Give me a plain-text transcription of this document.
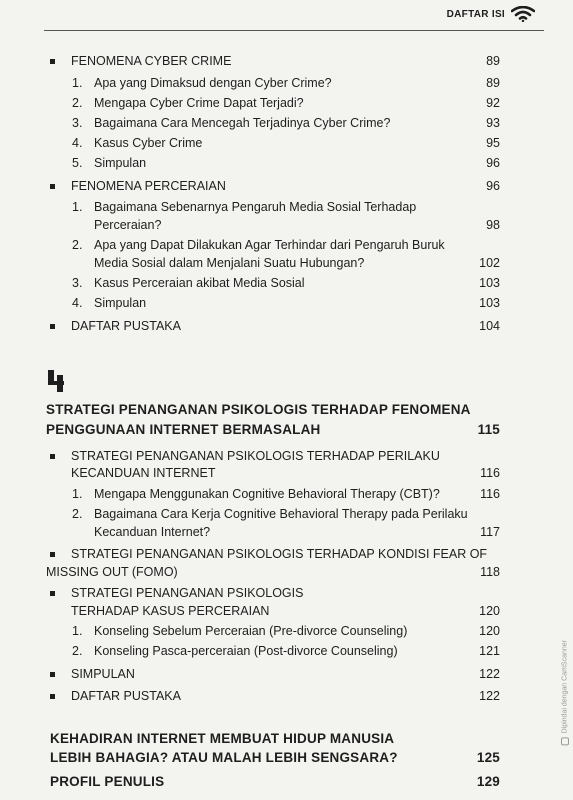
DAFTAR ISI
FENOMENA CYBER CRIME	89
1. Apa yang Dimaksud dengan Cyber Crime?	89
2. Mengapa Cyber Crime Dapat Terjadi?	92
3. Bagaimana Cara Mencegah Terjadinya Cyber Crime?	93
4. Kasus Cyber Crime	95
5. Simpulan	96
FENOMENA PERCERAIAN	96
1. Bagaimana Sebenarnya Pengaruh Media Sosial Terhadap
Perceraian?	98
2. Apa yang Dapat Dilakukan Agar Terhindar dari Pengaruh Buruk
Media Sosial dalam Menjalani Suatu Hubungan?	102
3. Kasus Perceraian akibat Media Sosial	103
4. Simpulan	103
DAFTAR PUSTAKA	104
STRATEGI PENANGANAN PSIKOLOGIS TERHADAP FENOMENA
PENGGUNAAN INTERNET BERMASALAH	115
STRATEGI PENANGANAN PSIKOLOGIS TERHADAP PERILAKU
KECANDUAN INTERNET	116
1. Mengapa Menggunakan Cognitive Behavioral Therapy (CBT)?	116
2. Bagaimana Cara Kerja Cognitive Behavioral Therapy pada Perilaku
Kecanduan Internet?	117
STRATEGI PENANGANAN PSIKOLOGIS TERHADAP KONDISI FEAR OF
MISSING OUT (FOMO)	118
STRATEGI PENANGANAN PSIKOLOGIS
TERHADAP KASUS PERCERAIAN	120
1. Konseling Sebelum Perceraian (Pre-divorce Counseling)	120
2. Konseling Pasca-perceraian (Post-divorce Counseling)	121
SIMPULAN	122
DAFTAR PUSTAKA	122
KEHADIRAN INTERNET MEMBUAT HIDUP MANUSIA
LEBIH BAHAGIA? ATAU MALAH LEBIH SENGSARA?	125
PROFIL PENULIS	129
Dipindai dengan CamScanner
